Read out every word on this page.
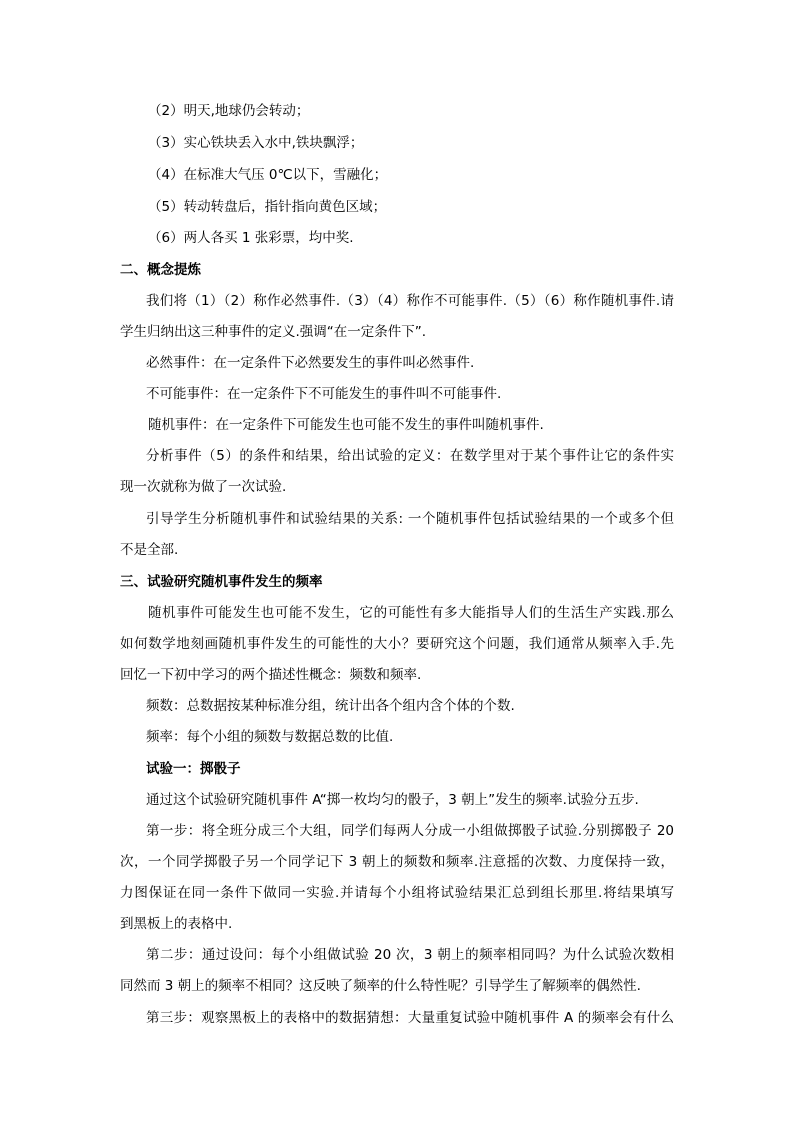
（2）明天,地球仍会转动；
（3）实心铁块丢入水中,铁块飘浮；
（4）在标准大气压 0℃以下，雪融化；
（5）转动转盘后，指针指向黄色区域；
（6）两人各买 1 张彩票，均中奖.
二、概念提炼
我们将（1）（2）称作必然事件.（3）（4）称作不可能事件.（5）（6）称作随机事件.请
学生归纳出这三种事件的定义.强调“在一定条件下”.
必然事件：在一定条件下必然要发生的事件叫必然事件.
不可能事件：在一定条件下不可能发生的事件叫不可能事件.
随机事件：在一定条件下可能发生也可能不发生的事件叫随机事件.
分析事件（5）的条件和结果，给出试验的定义：在数学里对于某个事件让它的条件实
现一次就称为做了一次试验.
引导学生分析随机事件和试验结果的关系: 一个随机事件包括试验结果的一个或多个但
不是全部.
三、试验研究随机事件发生的频率
随机事件可能发生也可能不发生，它的可能性有多大能指导人们的生活生产实践.那么
如何数学地刻画随机事件发生的可能性的大小？要研究这个问题，我们通常从频率入手.先
回忆一下初中学习的两个描述性概念：频数和频率.
频数：总数据按某种标准分组，统计出各个组内含个体的个数.
频率：每个小组的频数与数据总数的比值.
试验一：掷骰子
通过这个试验研究随机事件 A“掷一枚均匀的骰子，3 朝上”发生的频率.试验分五步.
第一步：将全班分成三个大组，同学们每两人分成一小组做掷骰子试验.分别掷骰子 20
次，一个同学掷骰子另一个同学记下 3 朝上的频数和频率.注意摇的次数、力度保持一致，
力图保证在同一条件下做同一实验.并请每个小组将试验结果汇总到组长那里.将结果填写
到黑板上的表格中.
第二步：通过设问：每个小组做试验 20 次，3 朝上的频率相同吗？为什么试验次数相
同然而 3 朝上的频率不相同？这反映了频率的什么特性呢？引导学生了解频率的偶然性.
第三步：观察黑板上的表格中的数据猜想：大量重复试验中随机事件 A 的频率会有什么
